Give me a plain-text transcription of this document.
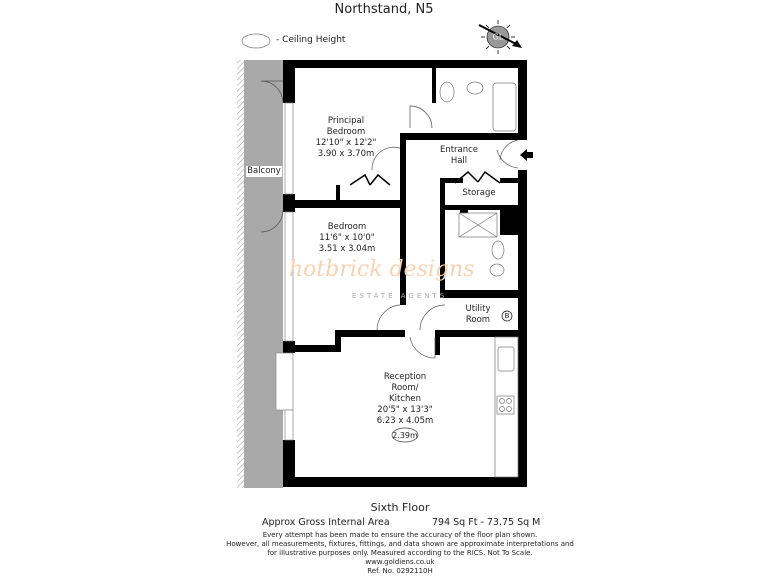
Northstand, N5
- Ceiling Height	GL
hotbrick designs
ESTATE AGENTS
Principal
Bedroom
12'10" x 12'2"
3.90 x 3.70m
Bedroom
11'6" x 10'0"
3.51 x 3.04m
Reception
Room/
Kitchen
20'5" x 13'3"
6.23 x 4.05m
2.39m
Entrance
Hall
Storage
Utility
Room B
Balcony
Sixth Floor
Approx Gross Internal Area	794 Sq Ft - 73.75 Sq M
Every attempt has been made to ensure the accuracy of the floor plan shown.
However, all measurements, fixtures, fittings, and data shown are approximate interpretations and
for illustrative purposes only. Measured according to the RICS. Not To Scale.
www.goldiens.co.uk
Ref. No. 0292110H
